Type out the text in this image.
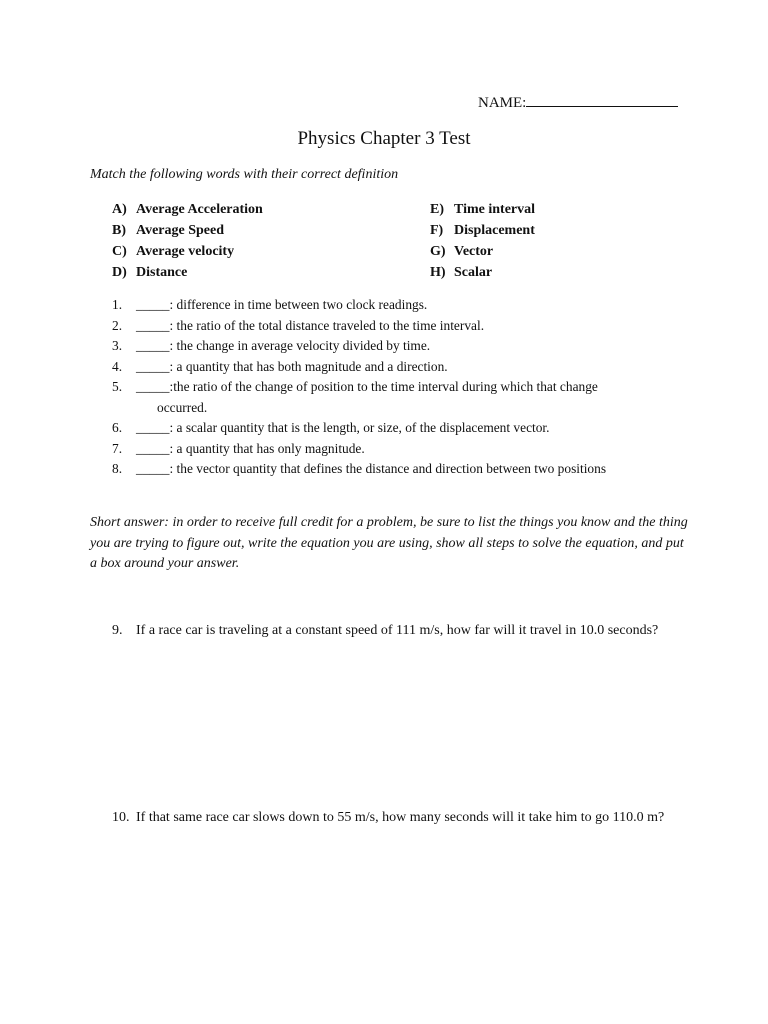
NAME:
Physics Chapter 3 Test
Match the following words with their correct definition
A) Average Acceleration	E) Time interval
B) Average Speed	F) Displacement
C) Average velocity	G) Vector
D) Distance	H) Scalar
1.	_____: difference in time between two clock readings.
2.	_____: the ratio of the total distance traveled to the time interval.
3.	_____: the change in average velocity divided by time.
4.	_____: a quantity that has both magnitude and a direction.
5.	_____:the ratio of the change of position to the time interval during which that change
occurred.
6.	_____: a scalar quantity that is the length, or size, of the displacement vector.
7.	_____: a quantity that has only magnitude.
8.	_____: the vector quantity that defines the distance and direction between two positions
Short answer: in order to receive full credit for a problem, be sure to list the things you know and the thing you are trying to figure out, write the equation you are using, show all steps to solve the equation, and put a box around your answer.
9. If a race car is traveling at a constant speed of 111 m/s, how far will it travel in 10.0 seconds?
10. If that same race car slows down to 55 m/s, how many seconds will it take him to go 110.0 m?
